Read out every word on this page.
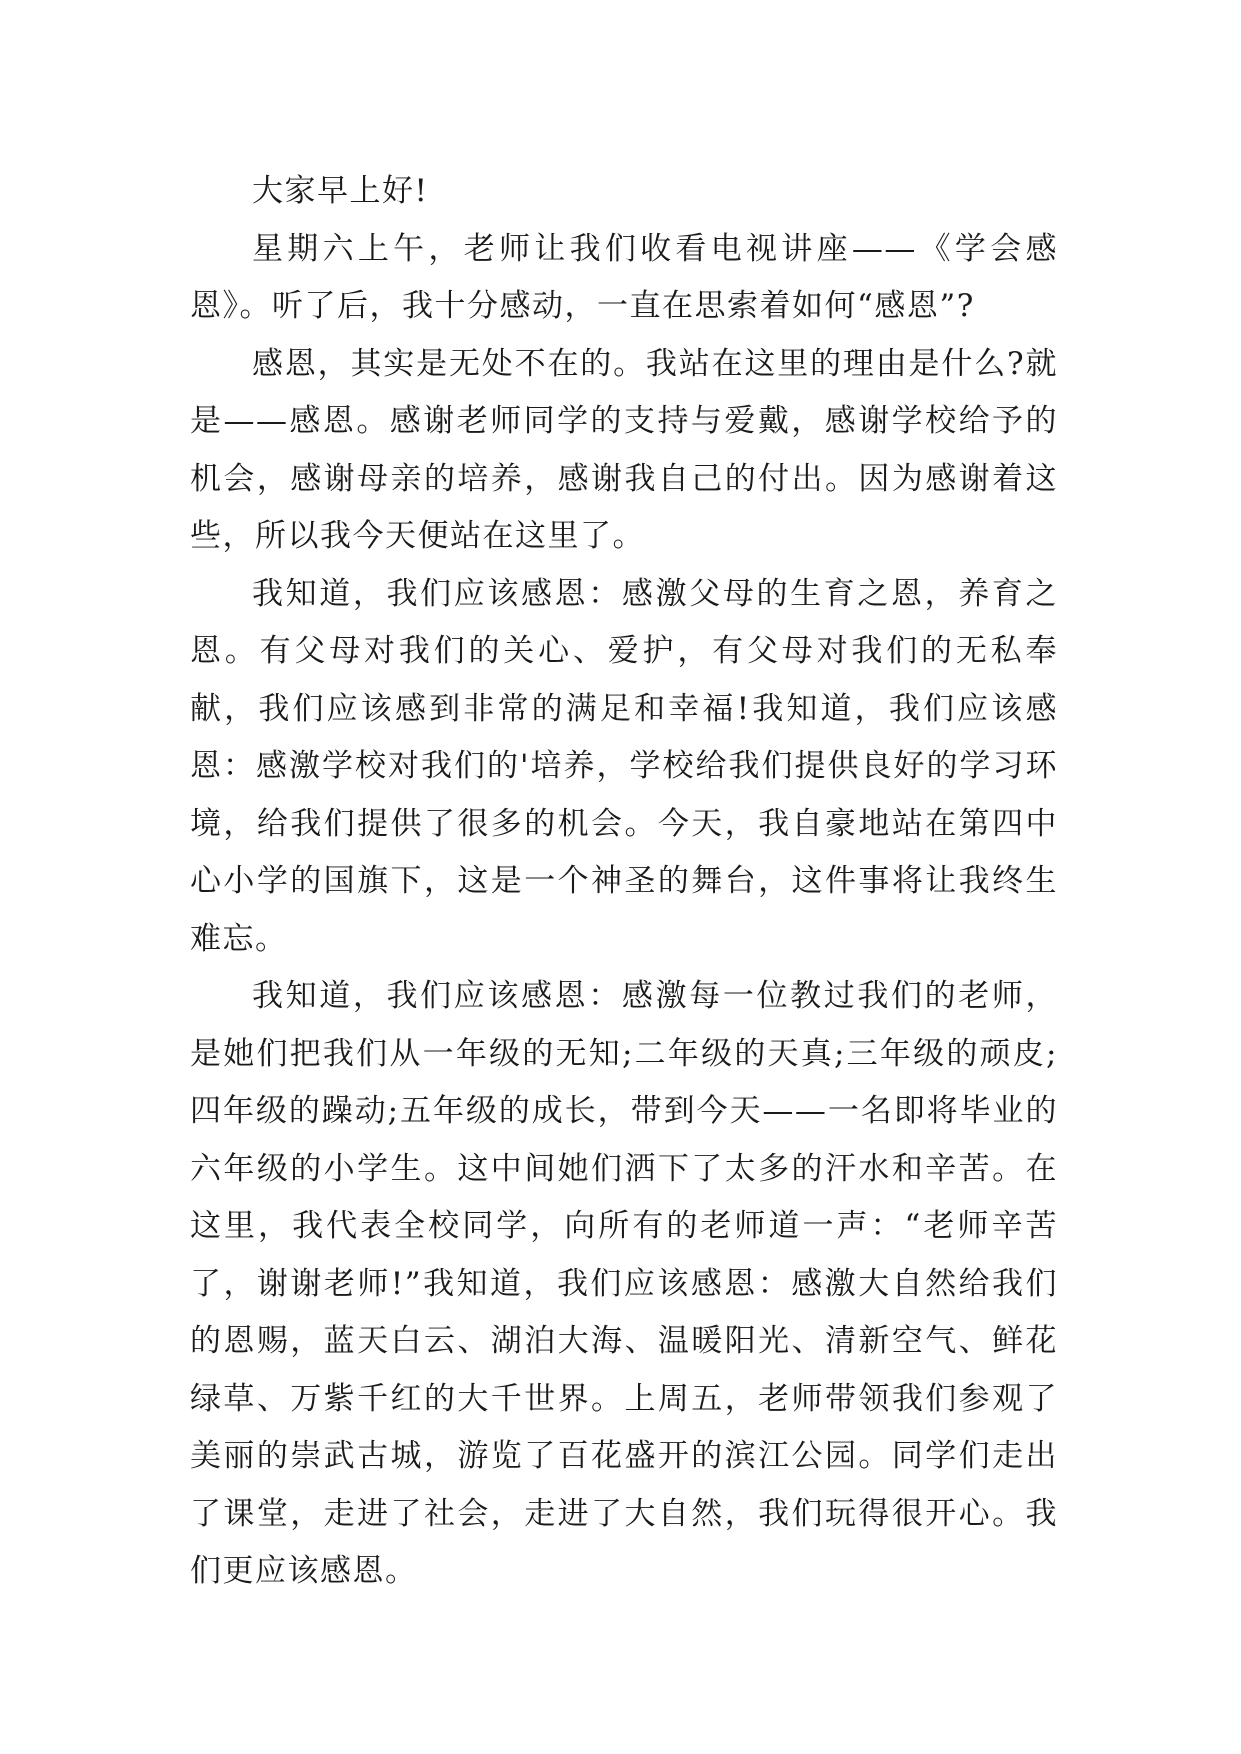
大家早上好!

星期六上午，老师让我们收看电视讲座——《学会感恩》。听了后，我十分感动，一直在思索着如何“感恩”?

感恩，其实是无处不在的。我站在这里的理由是什么?就是——感恩。感谢老师同学的支持与爱戴，感谢学校给予的机会，感谢母亲的培养，感谢我自己的付出。因为感谢着这些，所以我今天便站在这里了。

我知道，我们应该感恩：感激父母的生育之恩，养育之恩。有父母对我们的关心、爱护，有父母对我们的无私奉献，我们应该感到非常的满足和幸福!我知道，我们应该感恩：感激学校对我们的'培养，学校给我们提供良好的学习环境，给我们提供了很多的机会。今天，我自豪地站在第四中心小学的国旗下，这是一个神圣的舞台，这件事将让我终生难忘。

我知道，我们应该感恩：感激每一位教过我们的老师，是她们把我们从一年级的无知;二年级的天真;三年级的顽皮;四年级的躁动;五年级的成长，带到今天——一名即将毕业的六年级的小学生。这中间她们洒下了太多的汗水和辛苦。在这里，我代表全校同学，向所有的老师道一声：“老师辛苦了，谢谢老师!”我知道，我们应该感恩：感激大自然给我们的恩赐，蓝天白云、湖泊大海、温暖阳光、清新空气、鲜花绿草、万紫千红的大千世界。上周五，老师带领我们参观了美丽的崇武古城，游览了百花盛开的滨江公园。同学们走出了课堂，走进了社会，走进了大自然，我们玩得很开心。我们更应该感恩。
